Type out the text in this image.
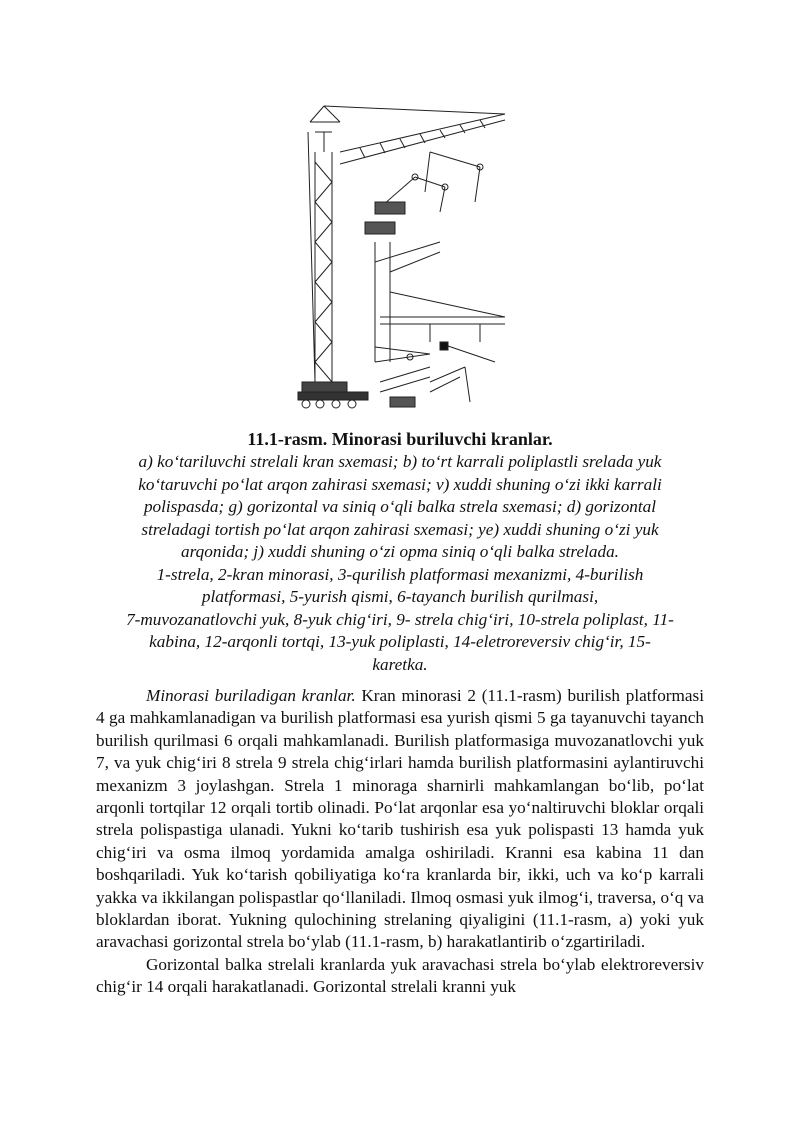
11.1-rasm. Minorasi buriluvchi kranlar.

a) ko‘tariluvchi strelali kran sxemasi; b) to‘rt karrali poliplastli srelada yuk

ko‘taruvchi po‘lat arqon zahirasi sxemasi; v) xuddi shuning o‘zi ikki karrali

polispasda; g) gorizontal va siniq o‘qli balka strela sxemasi; d) gorizontal

streladagi tortish po‘lat arqon zahirasi sxemasi; ye) xuddi shuning o‘zi yuk

arqonida; j) xuddi shuning o‘zi opma siniq o‘qli balka strelada.

1-strela, 2-kran minorasi, 3-qurilish platformasi mexanizmi, 4-burilish

platformasi, 5-yurish qismi, 6-tayanch burilish qurilmasi,

7-muvozanatlovchi yuk, 8-yuk chig‘iri, 9- strela chig‘iri, 10-strela poliplast, 11-

kabina, 12-arqonli tortqi, 13-yuk poliplasti, 14-eletroreversiv chig‘ir, 15-

karetka.

Minorasi buriladigan kranlar. Kran minorasi 2 (11.1-rasm) burilish platformasi 4 ga mahkamlanadigan va burilish platformasi esa yurish qismi 5 ga tayanuvchi tayanch burilish qurilmasi 6 orqali mahkamlanadi. Burilish platformasiga muvozanatlovchi yuk 7, va yuk chig‘iri 8 strela 9 strela chig‘irlari hamda burilish platformasini aylantiruvchi mexanizm 3 joylashgan. Strela 1 minoraga sharnirli mahkamlangan bo‘lib, po‘lat arqonli tortqilar 12 orqali tortib olinadi. Po‘lat arqonlar esa yo‘naltiruvchi bloklar orqali strela polispastiga ulanadi. Yukni ko‘tarib tushirish esa yuk polispasti 13 hamda yuk chig‘iri va osma ilmoq yordamida amalga oshiriladi. Kranni esa kabina 11 dan boshqariladi. Yuk ko‘tarish qobiliyatiga ko‘ra kranlarda bir, ikki, uch va ko‘p karrali yakka va ikkilangan polispastlar qo‘llaniladi. Ilmoq osmasi yuk ilmog‘i, traversa, o‘q va bloklardan iborat. Yukning qulochining strelaning qiyaligini (11.1-rasm, a) yoki yuk aravachasi gorizontal strela bo‘ylab (11.1-rasm, b) harakatlantirib o‘zgartiriladi.

Gorizontal balka strelali kranlarda yuk aravachasi strela bo‘ylab elektroreversiv chig‘ir 14 orqali harakatlanadi. Gorizontal strelali kranni yuk
